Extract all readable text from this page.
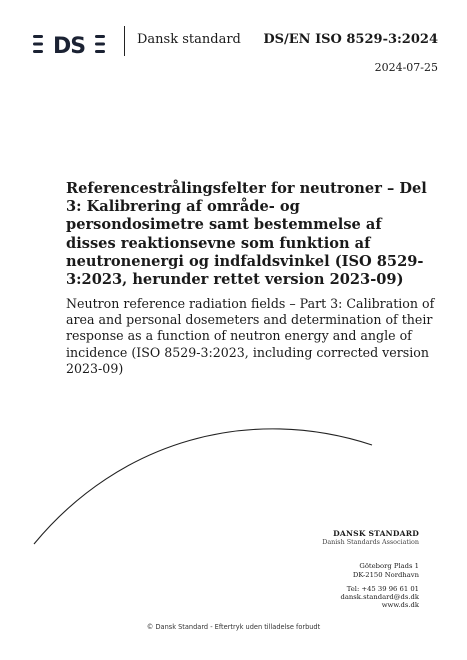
DS	Dansk standard DS/EN ISO 8529-3:2024
2024-07-25
Referencestrålingsfelter for neutroner – Del 3: Kalibrering af område- og persondosimetre samt bestemmelse af disses reaktionsevne som funktion af neutronenergi og indfaldsvinkel (ISO 8529-3:2023, herunder rettet version 2023-09)

Neutron reference radiation fields – Part 3: Calibration of area and personal dosemeters and determination of their response as a function of neutron energy and angle of incidence (ISO 8529-3:2023, including corrected version 2023-09)

DANSK STANDARD
Danish Standards Association
Göteborg Plads 1
DK-2150 Nordhavn
Tel: +45 39 96 61 01
dansk.standard@ds.dk
www.ds.dk
© Dansk Standard - Eftertryk uden tilladelse forbudt
